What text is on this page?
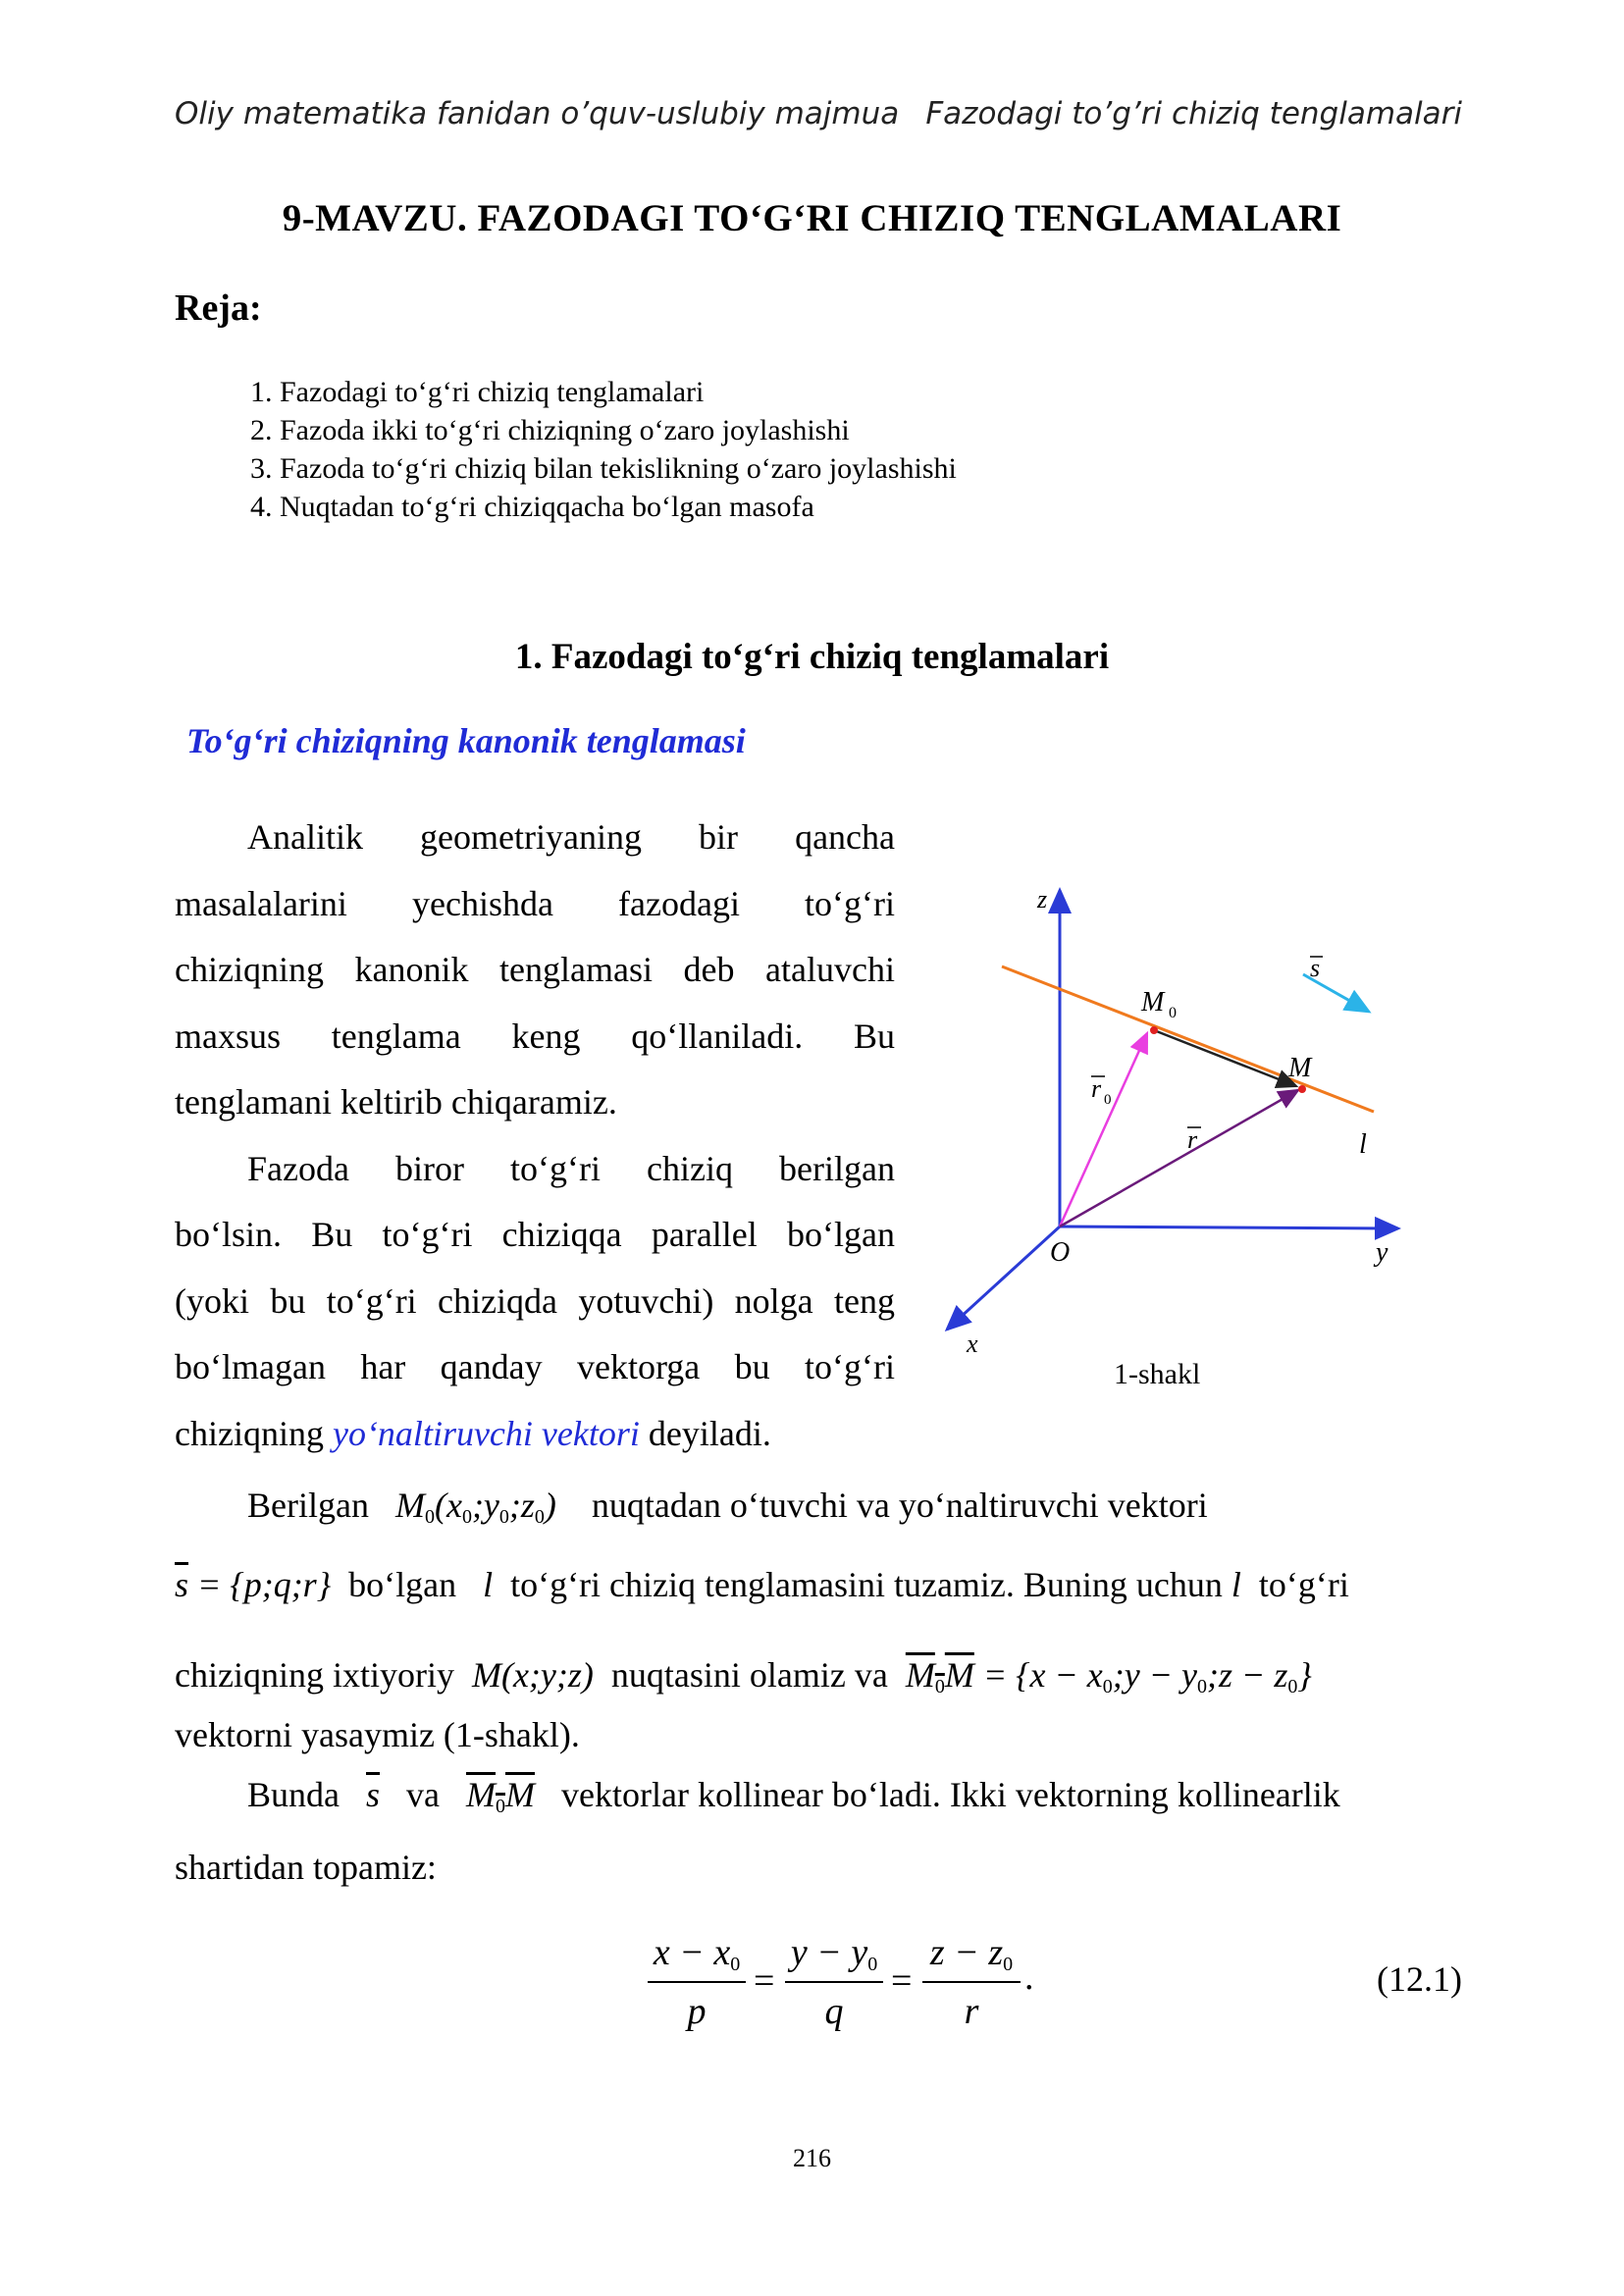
Oliy matematika fanidan o’quv-uslubiy majmua Fazodagi to’g’ri chiziq tenglamalari
9-MAVZU. FAZODAGI TO‘G‘RI CHIZIQ TENGLAMALARI
Reja:
1. Fazodagi to‘g‘ri chiziq tenglamalari
2. Fazoda ikki to‘g‘ri chiziqning o‘zaro joylashishi
3. Fazoda to‘g‘ri chiziq bilan tekislikning o‘zaro joylashishi
4. Nuqtadan to‘g‘ri chiziqqacha bo‘lgan masofa
1. Fazodagi to‘g‘ri chiziq tenglamalari
To‘g‘ri chiziqning kanonik tenglamasi
Analitik geometriyaning bir qancha
masalalarini yechishda fazodagi to‘g‘ri
chiziqning kanonik tenglamasi deb ataluvchi
maxsus tenglama keng qo‘llaniladi. Bu
tenglamani keltirib chiqaramiz.
Fazoda biror to‘g‘ri chiziq berilgan
bo‘lsin. Bu to‘g‘ri chiziqqa parallel bo‘lgan
(yoki bu to‘g‘ri chiziqda yotuvchi) nolga teng
bo‘lmagan har qanday vektorga bu to‘g‘ri
chiziqning yo‘naltiruvchi vektori deyiladi.
z
y
x
O
M 0
M
r 0
r
s
l
1-shakl
Berilgan $M_0(x_0;y_0;z_0)$ nuqtadan o‘tuvchi va yo‘naltiruvchi vektori
$\overline{s}$ = {p;q;r} bo‘lgan l to‘g‘ri chiziq tenglamasini tuzamiz. Buning uchun l to‘g‘ri
chiziqning ixtiyoriy M(x;y;z) nuqtasini olamiz va $M_0M = \{x$ − $x_0;y$ − $y_0;z - z_0$}
vektorni yasaymiz (1-shakl).
Bunda $\overline{s}$ va $M_0M$ vektorlar kollinear bo‘ladi. Ikki vektorning kollinearlik
shartidan topamiz:
$x - x_0$
p
=
$y - y_0$
q
=
$z - z_0$
r
.	(12.1)
216
